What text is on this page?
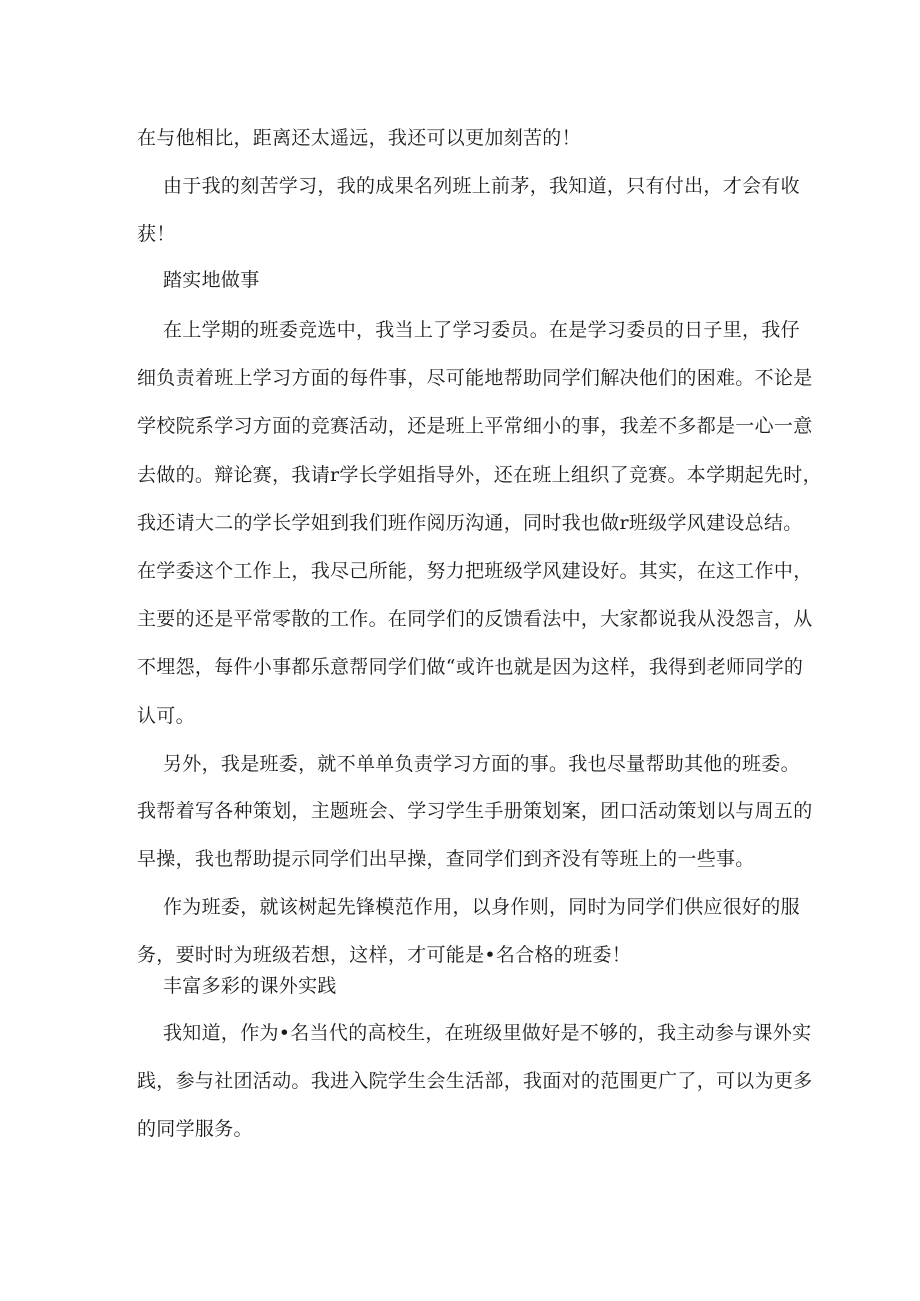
在与他相比，距离还太遥远，我还可以更加刻苦的！
由于我的刻苦学习，我的成果名列班上前茅，我知道，只有付出，才会有收
获！
踏实地做事
在上学期的班委竞选中，我当上了学习委员。在是学习委员的日子里，我仔
细负责着班上学习方面的每件事，尽可能地帮助同学们解决他们的困难。不论是
学校院系学习方面的竞赛活动，还是班上平常细小的事，我差不多都是一心一意
去做的。辩论赛，我请r学长学姐指导外，还在班上组织了竞赛。本学期起先时，
我还请大二的学长学姐到我们班作阅历沟通，同时我也做r班级学风建设总结。
在学委这个工作上，我尽己所能，努力把班级学风建设好。其实，在这工作中，
主要的还是平常零散的工作。在同学们的反馈看法中，大家都说我从没怨言，从
不埋怨，每件小事都乐意帮同学们做“或许也就是因为这样，我得到老师同学的
认可。
另外，我是班委，就不单单负责学习方面的事。我也尽量帮助其他的班委。
我帮着写各种策划，主题班会、学习学生手册策划案，团口活动策划以与周五的
早操，我也帮助提示同学们出早操，查同学们到齐没有等班上的一些事。
作为班委，就该树起先锋模范作用，以身作则，同时为同学们供应很好的服
务，要时时为班级若想，这样，才可能是•名合格的班委！
丰富多彩的课外实践
我知道，作为•名当代的高校生，在班级里做好是不够的，我主动参与课外实
践，参与社团活动。我进入院学生会生活部，我面对的范围更广了，可以为更多
的同学服务。
